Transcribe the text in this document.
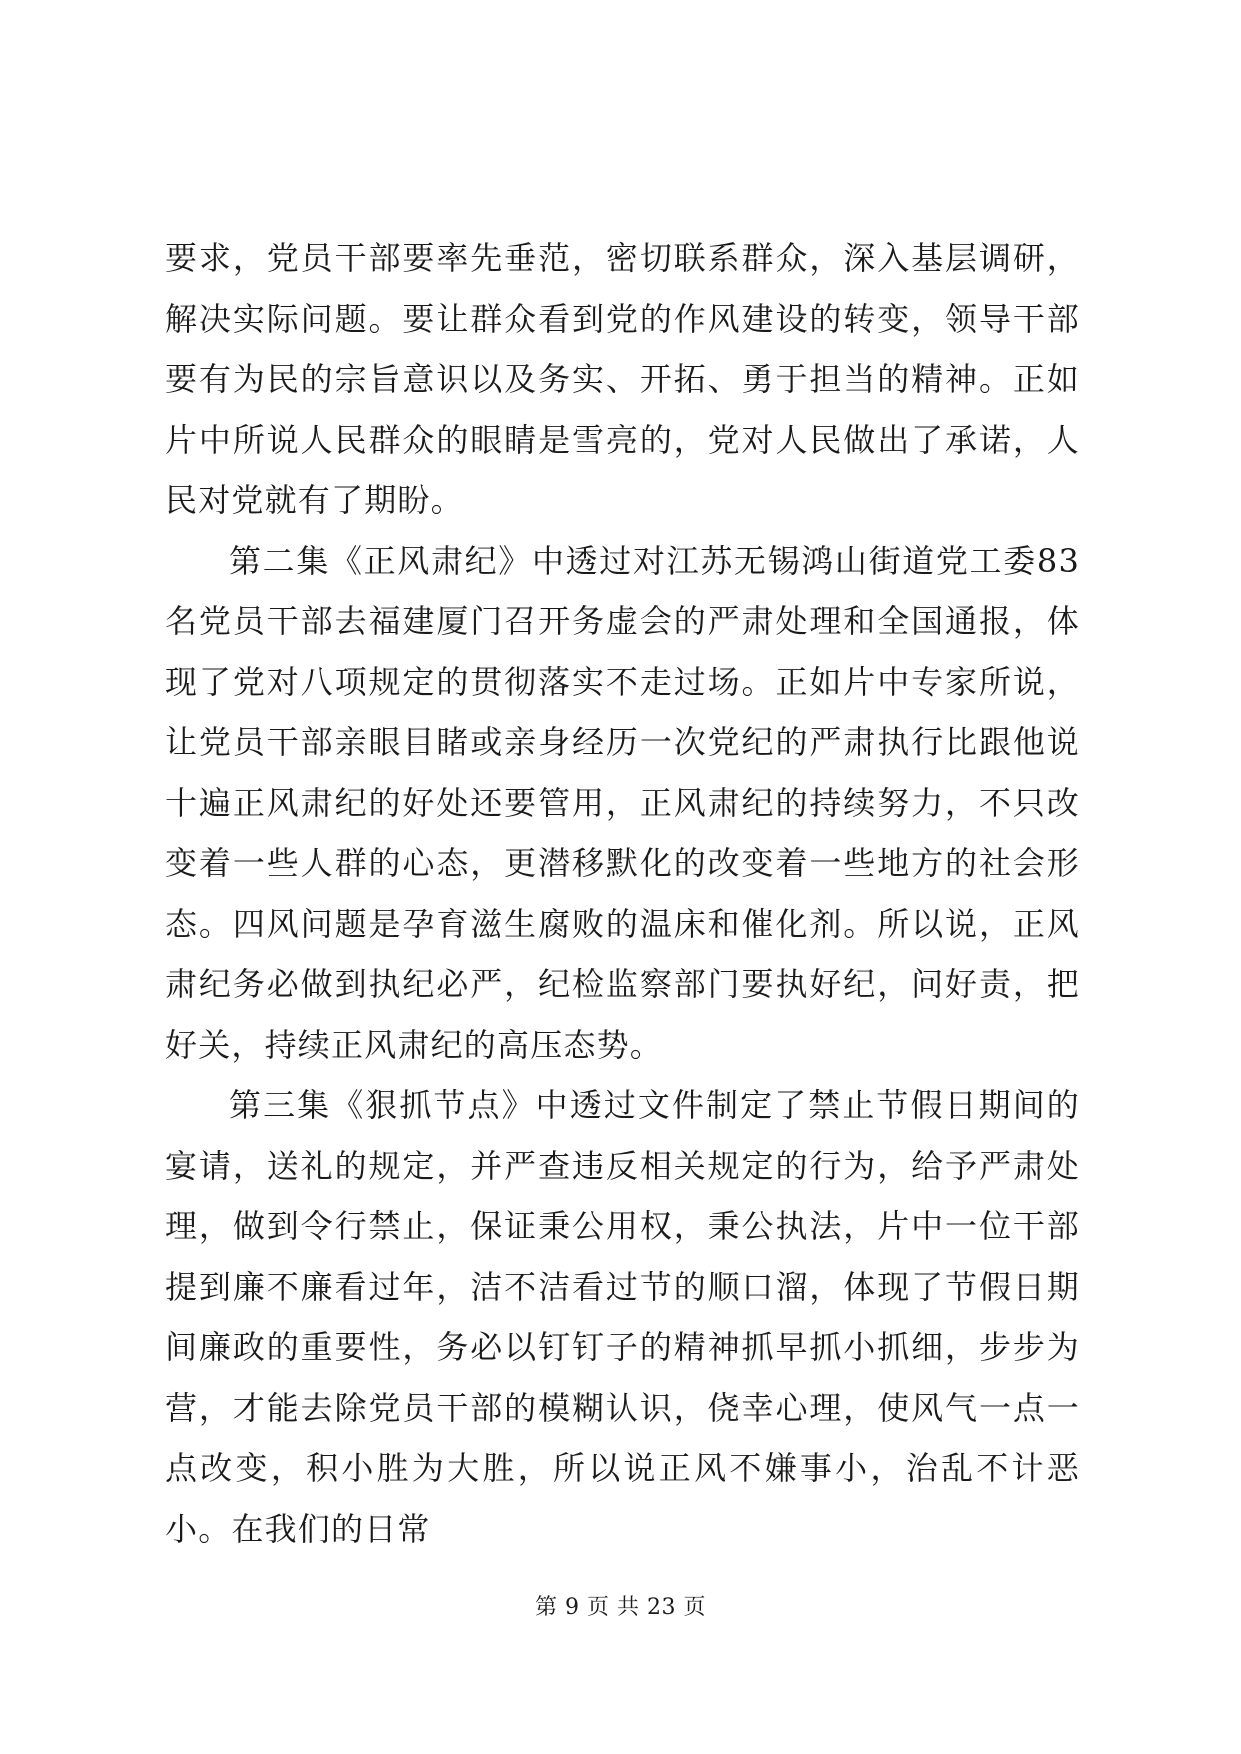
要求，党员干部要率先垂范，密切联系群众，深入基层调研，解决实际问题。要让群众看到党的作风建设的转变，领导干部要有为民的宗旨意识以及务实、开拓、勇于担当的精神。正如片中所说人民群众的眼睛是雪亮的，党对人民做出了承诺，人民对党就有了期盼。

第二集《正风肃纪》中透过对江苏无锡鸿山街道党工委83名党员干部去福建厦门召开务虚会的严肃处理和全国通报，体现了党对八项规定的贯彻落实不走过场。正如片中专家所说，让党员干部亲眼目睹或亲身经历一次党纪的严肃执行比跟他说十遍正风肃纪的好处还要管用，正风肃纪的持续努力，不只改变着一些人群的心态，更潜移默化的改变着一些地方的社会形态。四风问题是孕育滋生腐败的温床和催化剂。所以说，正风肃纪务必做到执纪必严，纪检监察部门要执好纪，问好责，把好关，持续正风肃纪的高压态势。

第三集《狠抓节点》中透过文件制定了禁止节假日期间的宴请，送礼的规定，并严查违反相关规定的行为，给予严肃处理，做到令行禁止，保证秉公用权，秉公执法，片中一位干部提到廉不廉看过年，洁不洁看过节的顺口溜，体现了节假日期间廉政的重要性，务必以钉钉子的精神抓早抓小抓细，步步为营，才能去除党员干部的模糊认识，侥幸心理，使风气一点一点改变，积小胜为大胜，所以说正风不嫌事小，治乱不计恶小。在我们的日常

第 9 页 共 23 页
